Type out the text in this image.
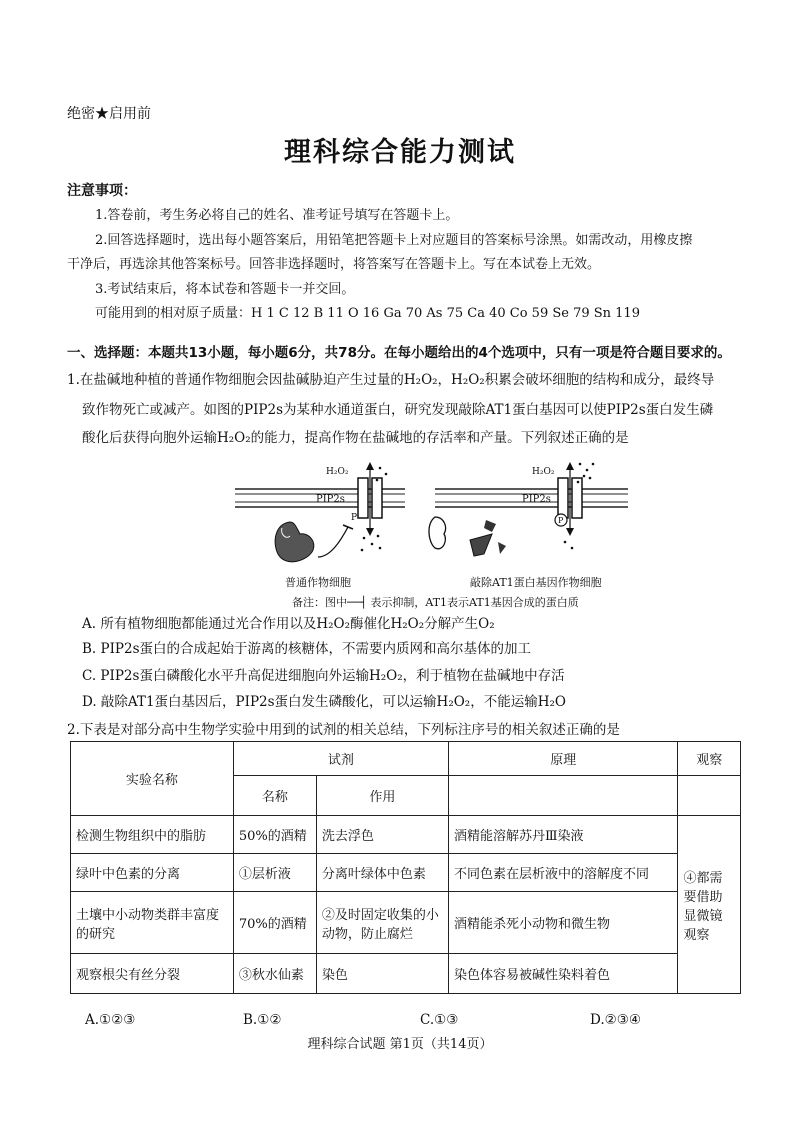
绝密★启用前
理科综合能力测试
注意事项：
1.答卷前，考生务必将自己的姓名、准考证号填写在答题卡上。
2.回答选择题时，选出每小题答案后，用铅笔把答题卡上对应题目的答案标号涂黑。如需改动，用橡皮擦
干净后，再选涂其他答案标号。回答非选择题时，将答案写在答题卡上。写在本试卷上无效。
3.考试结束后，将本试卷和答题卡一并交回。
可能用到的相对原子质量：H 1 C 12 B 11 O 16 Ga 70 As 75 Ca 40 Co 59 Se 79 Sn 119
一、选择题：本题共13小题，每小题6分，共78分。在每小题给出的4个选项中，只有一项是符合题目要求的。
1.在盐碱地种植的普通作物细胞会因盐碱胁迫产生过量的H₂O₂，H₂O₂积累会破坏细胞的结构和成分，最终导
致作物死亡或减产。如图的PIP2s为某种水通道蛋白，研究发现敲除AT1蛋白基因可以使PIP2s蛋白发生磷
酸化后获得向胞外运输H₂O₂的能力，提高作物在盐碱地的存活率和产量。下列叙述正确的是
H₂O₂	H₂O₂
PIP2s	PIP2s
P	P
普通作物细胞	敲除AT1蛋白基因作物细胞
备注：图中──┤ 表示抑制，AT1表示AT1基因合成的蛋白质
A. 所有植物细胞都能通过光合作用以及H₂O₂酶催化H₂O₂分解产生O₂
B. PIP2s蛋白的合成起始于游离的核糖体，不需要内质网和高尔基体的加工
C. PIP2s蛋白磷酸化水平升高促进细胞向外运输H₂O₂，利于植物在盐碱地中存活
D. 敲除AT1蛋白基因后，PIP2s蛋白发生磷酸化，可以运输H₂O₂，不能运输H₂O
2.下表是对部分高中生物学实验中用到的试剂的相关总结，下列标注序号的相关叙述正确的是
实验名称	试剂		原理	观察
	名称	作用		
检测生物组织中的脂肪	50%的酒精	洗去浮色	酒精能溶解苏丹Ⅲ染液	④都需要借助显微镜观察
绿叶中色素的分离	①层析液	分离叶绿体中色素	不同色素在层析液中的溶解度不同	
土壤中小动物类群丰富度的研究	70%的酒精	②及时固定收集的小动物，防止腐烂	酒精能杀死小动物和微生物	
观察根尖有丝分裂	③秋水仙素	染色	染色体容易被碱性染料着色	
A.①②③	B.①②	C.①③	D.②③④
理科综合试题 第1页（共14页）
